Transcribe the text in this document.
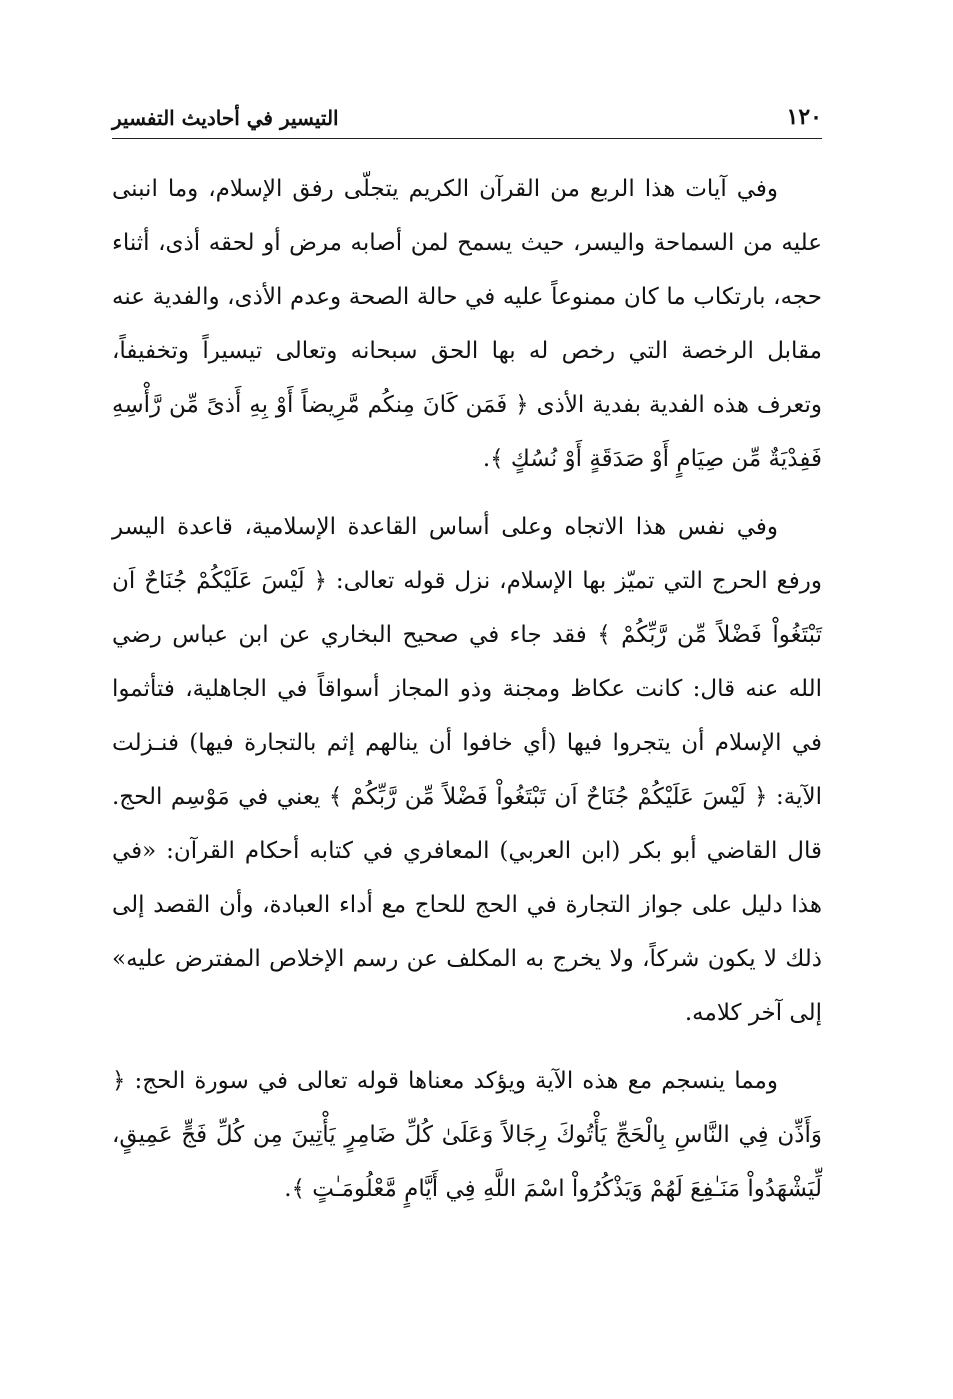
١٢٠
التيسير في أحاديث التفسير

وفي آيات هذا الربع من القرآن الكريم يتجلّى رفق الإسلام، وما انبنى عليه من السماحة واليسر، حيث يسمح لمن أصابه مرض أو لحقه أذى، أثناء حجه، بارتكاب ما كان ممنوعاً عليه في حالة الصحة وعدم الأذى، والفدية عنه مقابل الرخصة التي رخص له بها الحق سبحانه وتعالى تيسيراً وتخفيفاً، وتعرف هذه الفدية بفدية الأذى ﴿ فَمَن كَانَ مِنكُم مَّرِيضاً أَوْ بِهِ أَذىً مِّن رَّأْسِهِ فَفِدْيَةٌ مِّن صِيَامٍ أَوْ صَدَقَةٍ أَوْ نُسُكٍ ﴾.

وفي نفس هذا الاتجاه وعلى أساس القاعدة الإسلامية، قاعدة اليسر ورفع الحرج التي تميّز بها الإسلام، نزل قوله تعالى: ﴿ لَيْسَ عَلَيْكُمْ جُنَاحٌ اَن تَبْتَغُواْ فَضْلاً مِّن رَّبِّكُمْ ﴾ فقد جاء في صحيح البخاري عن ابن عباس رضي الله عنه قال: كانت عكاظ ومجنة وذو المجاز أسواقاً في الجاهلية، فتأثموا في الإسلام أن يتجروا فيها (أي خافوا أن ينالهم إثم بالتجارة فيها) فنـزلت الآية: ﴿ لَيْسَ عَلَيْكُمْ جُنَاحٌ اَن تَبْتَغُواْ فَضْلاً مِّن رَّبِّكُمْ ﴾ يعني في مَوْسِم الحج. قال القاضي أبو بكر (ابن العربي) المعافري في كتابه أحكام القرآن: «في هذا دليل على جواز التجارة في الحج للحاج مع أداء العبادة، وأن القصد إلى ذلك لا يكون شركاً، ولا يخرج به المكلف عن رسم الإخلاص المفترض عليه» إلى آخر كلامه.

ومما ينسجم مع هذه الآية ويؤكد معناها قوله تعالى في سورة الحج: ﴿ وَأَذِّن فِي النَّاسِ بِالْحَجِّ يَأْتُوكَ رِجَالاً وَعَلَىٰ كُلِّ ضَامِرٍ يَأْتِينَ مِن كُلِّ فَجٍّ عَمِيقٍ، لِّيَشْهَدُواْ مَنَـٰفِعَ لَهُمْ وَيَذْكُرُواْ اسْمَ اللَّهِ فِي أَيَّامٍ مَّعْلُومَـٰتٍ ﴾.
